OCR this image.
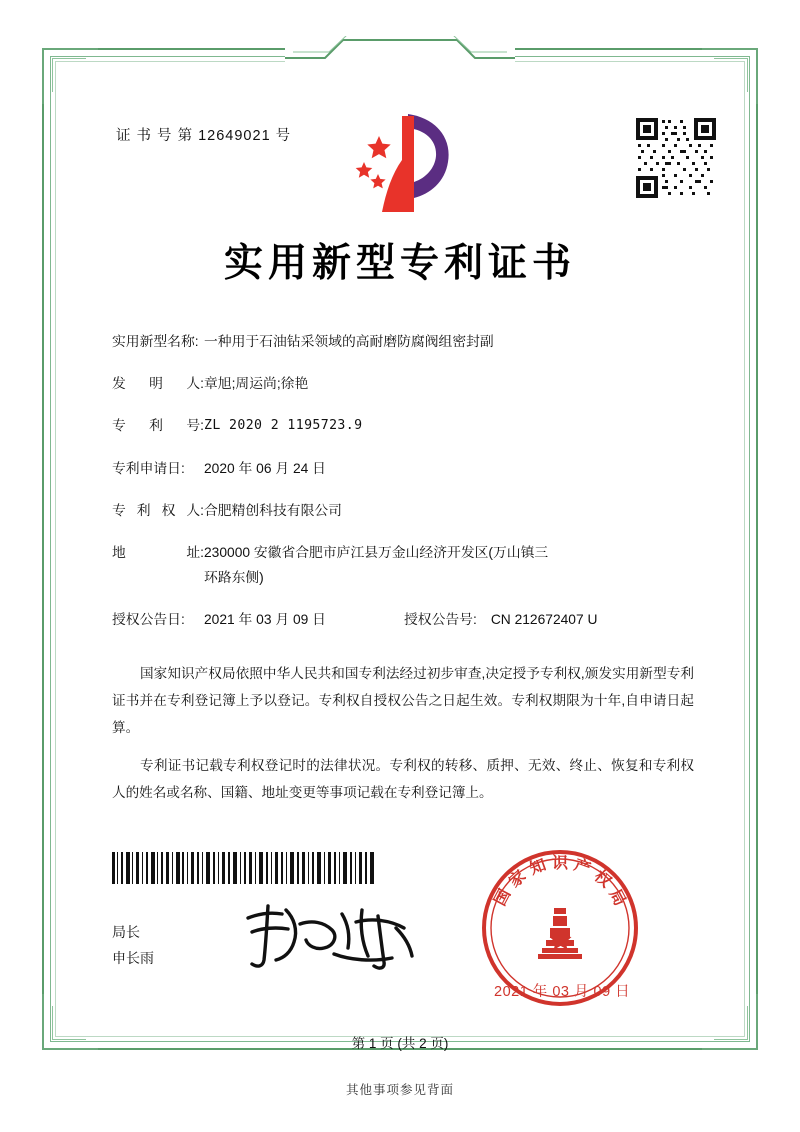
证 书 号 第 12649021 号
实用新型专利证书
实用新型名称: 一种用于石油钻采领域的高耐磨防腐阀组密封副
发 明 人: 章旭;周运尚;徐艳
专 利 号: ZL 2020 2 1195723.9
专利申请日:	2020 年 06 月 24 日
专 利 权 人: 合肥精创科技有限公司
地	址: 230000 安徽省合肥市庐江县万金山经济开发区(万山镇三
环路东侧)
授权公告日:	2021 年 03 月 09 日	授权公告号: CN 212672407 U

国家知识产权局依照中华人民共和国专利法经过初步审查,决定授予专利权,颁发实用新型专利证书并在专利登记簿上予以登记。专利权自授权公告之日起生效。专利权期限为十年,自申请日起算。

专利证书记载专利权登记时的法律状况。专利权的转移、质押、无效、终止、恢复和专利权人的姓名或名称、国籍、地址变更等事项记载在专利登记簿上。

局长
申长雨
国
家
知 识 产
权
局
2021 年 03 月 09 日
第 1 页 (共 2 页)
其他事项参见背面
